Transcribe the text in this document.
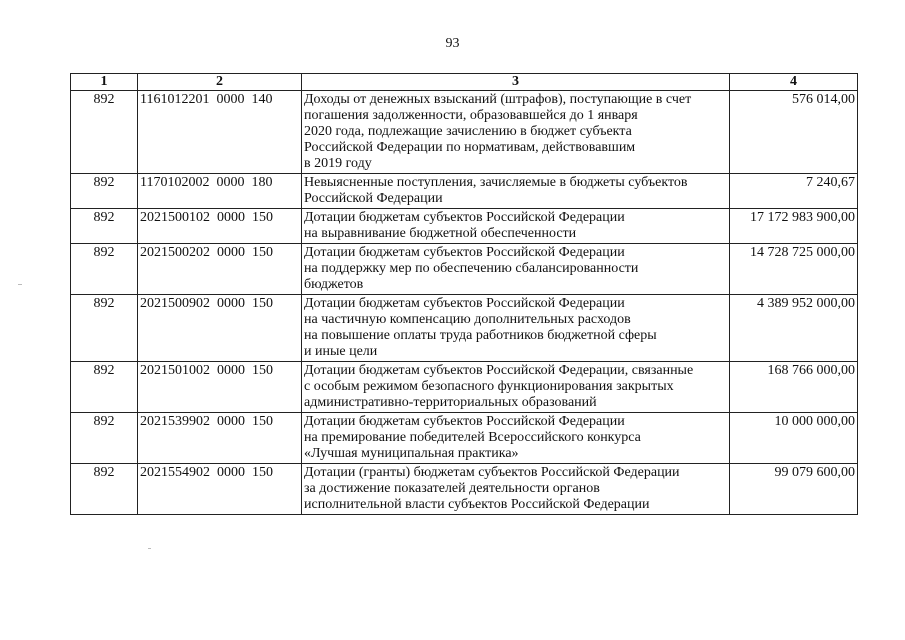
93
1	2	3	4
892	1161012201  0000  140	Доходы от денежных взысканий (штрафов), поступающие в счет
погашения задолженности, образовавшейся до 1 января
2020 года, подлежащие зачислению в бюджет субъекта
Российской Федерации по нормативам, действовавшим
в 2019 году	576 014,00
892	1170102002  0000  180	Невыясненные поступления, зачисляемые в бюджеты субъектов
Российской Федерации	7 240,67
892	2021500102  0000  150	Дотации бюджетам субъектов Российской Федерации
на выравнивание бюджетной обеспеченности	17 172 983 900,00
892	2021500202  0000  150	Дотации бюджетам субъектов Российской Федерации
на поддержку мер по обеспечению сбалансированности
бюджетов	14 728 725 000,00
892	2021500902  0000  150	Дотации бюджетам субъектов Российской Федерации
на частичную компенсацию дополнительных расходов
на повышение оплаты труда работников бюджетной сферы
и иные цели	4 389 952 000,00
892	2021501002  0000  150	Дотации бюджетам субъектов Российской Федерации, связанные
с особым режимом безопасного функционирования закрытых
административно-территориальных образований	168 766 000,00
892	2021539902  0000  150	Дотации бюджетам субъектов Российской Федерации
на премирование победителей Всероссийского конкурса
«Лучшая муниципальная практика»	10 000 000,00
892	2021554902  0000  150	Дотации (гранты) бюджетам субъектов Российской Федерации
за достижение показателей деятельности органов
исполнительной власти субъектов Российской Федерации	99 079 600,00
